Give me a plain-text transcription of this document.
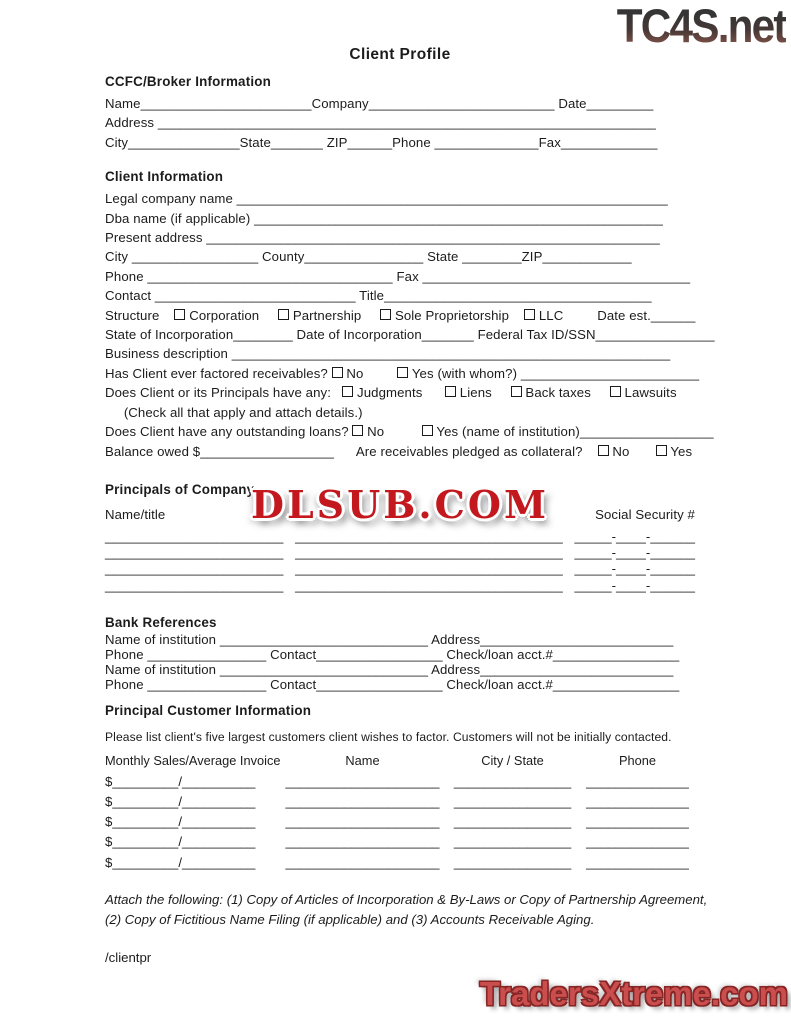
TC4S.net
Client Profile
CCFC/Broker Information
Name_______________________Company_________________________ Date_________
Address ___________________________________________________________________
City_______________State_______ ZIP______Phone ______________Fax_____________
Client Information
Legal company name __________________________________________________________
Dba name (if applicable) _______________________________________________________
Present address _____________________________________________________________
City _________________ County________________ State ________ZIP____________
Phone _________________________________ Fax ____________________________________
Contact ___________________________ Title____________________________________
Structure Corporation Partnership Sole Proprietorship LLC         Date est.______
State of Incorporation________ Date of Incorporation_______ Federal Tax ID/SSN________________
Business description ___________________________________________________________
Has Client ever factored receivables? No Yes (with whom?) ________________________
Does Client or its Principals have any: Judgments Liens Back taxes Lawsuits
(Check all that apply and attach details.)
Does Client have any outstanding loans? No Yes (name of institution)__________________
Balance owed $__________________      Are receivables pledged as collateral? No Yes
Principals of Company
Name/title	Social Security #
________________________ ____________________________________ _____-____-______
________________________ ____________________________________ _____-____-______
________________________ ____________________________________ _____-____-______
________________________ ____________________________________ _____-____-______
Bank References
Name of institution ____________________________ Address__________________________
Phone ________________ Contact_________________ Check/loan acct.#_________________
Name of institution ____________________________ Address__________________________
Phone ________________ Contact_________________ Check/loan acct.#_________________
Principal Customer Information
Please list client's five largest customers client wishes to factor. Customers will not be initially contacted.
Monthly Sales/Average Invoice	Name	City / State	Phone
$_________/__________	_____________________	________________	______________
$_________/__________	_____________________	________________	______________
$_________/__________	_____________________	________________	______________
$_________/__________	_____________________	________________	______________
$_________/__________	_____________________	________________	______________
Attach the following: (1) Copy of Articles of Incorporation & By-Laws or Copy of Partnership Agreement,
(2) Copy of Fictitious Name Filing (if applicable) and (3) Accounts Receivable Aging.
/clientpr
DLSUB.COM
TradersXtreme.com
